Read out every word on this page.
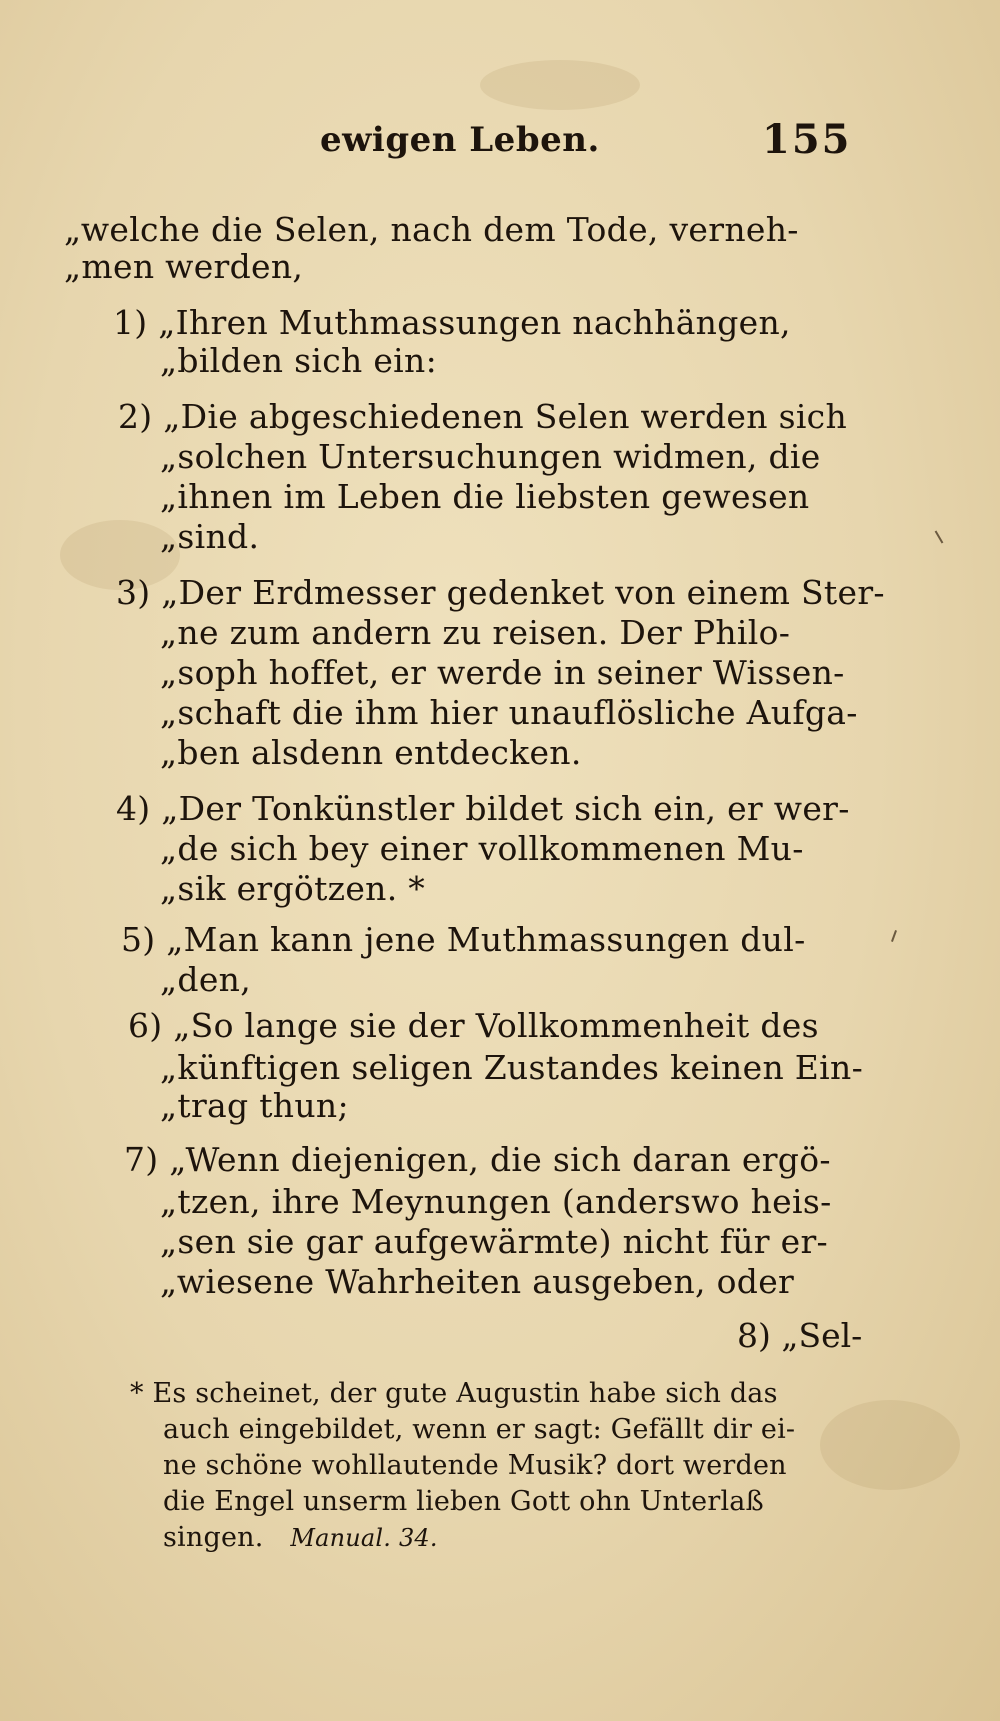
ewigen Leben.	155
„welche die Selen, nach dem Tode, verneh-
„men werden,
1) „Ihren Muthmassungen nachhängen,
„bilden sich ein:
2) „Die abgeschiedenen Selen werden sich
„solchen Untersuchungen widmen, die
„ihnen im Leben die liebsten gewesen
„sind.
3) „Der Erdmesser gedenket von einem Ster-
„ne zum andern zu reisen. Der Philo-
„soph hoffet, er werde in seiner Wissen-
„schaft die ihm hier unauflösliche Aufga-
„ben alsdenn entdecken.
4) „Der Tonkünstler bildet sich ein, er wer-
„de sich bey einer vollkommenen Mu-
„sik ergötzen. *
5) „Man kann jene Muthmassungen dul-
„den,
6) „So lange sie der Vollkommenheit des
„künftigen seligen Zustandes keinen Ein-
„trag thun;
7) „Wenn diejenigen, die sich daran ergö-
„tzen, ihre Meynungen (anderswo heis-
„sen sie gar aufgewärmte) nicht für er-
„wiesene Wahrheiten ausgeben, oder
8) „Sel-
* Es scheinet, der gute Augustin habe sich das
auch eingebildet, wenn er sagt: Gefällt dir ei-
ne schöne wohllautende Musik? dort werden
die Engel unserm lieben Gott ohn Unterlaß
singen. Manual. 34.
